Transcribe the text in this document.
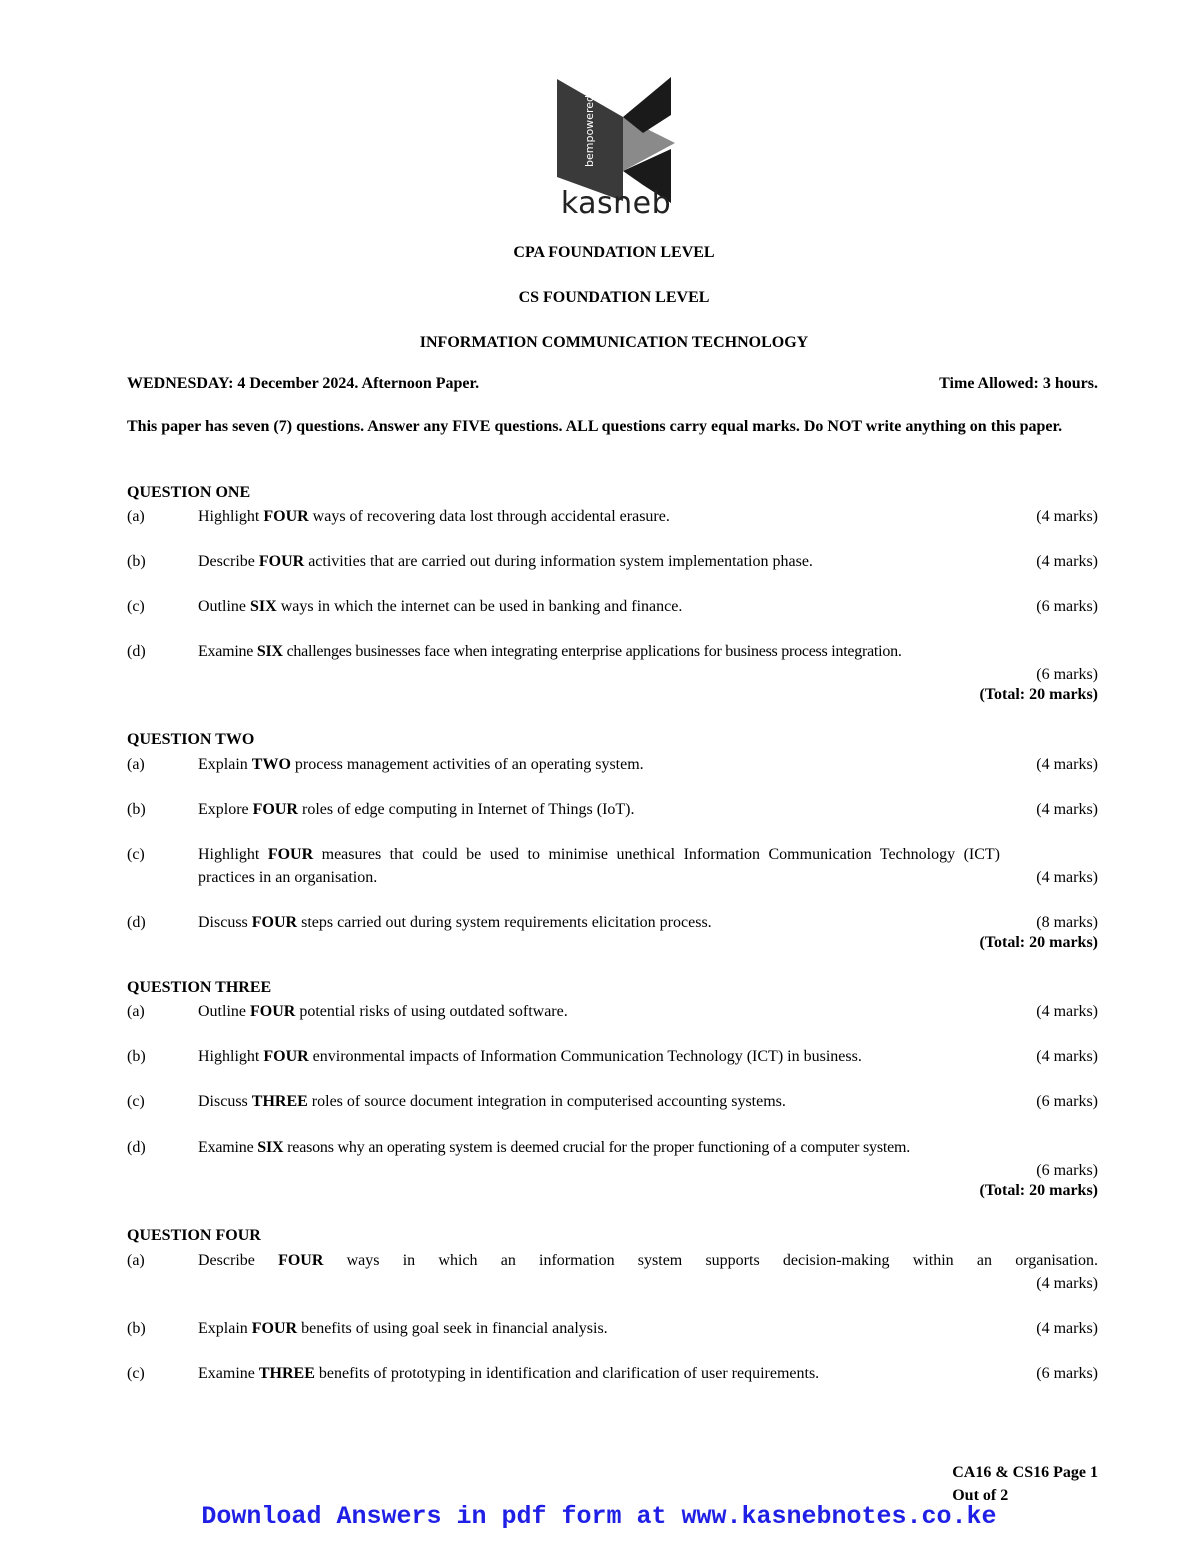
bempowered
kasneb
CPA FOUNDATION LEVEL
CS FOUNDATION LEVEL
INFORMATION COMMUNICATION TECHNOLOGY
WEDNESDAY: 4 December 2024. Afternoon Paper.	Time Allowed: 3 hours.
This paper has seven (7) questions. Answer any FIVE questions. ALL questions carry equal marks. Do NOT write anything on this paper.
QUESTION ONE
(a)	Highlight FOUR ways of recovering data lost through accidental erasure.	(4 marks)
(b)	Describe FOUR activities that are carried out during information system implementation phase.	(4 marks)
(c)	Outline SIX ways in which the internet can be used in banking and finance.	(6 marks)
(d)	Examine SIX challenges businesses face when integrating enterprise applications for business process integration.
(6 marks)
(Total: 20 marks)
QUESTION TWO
(a)	Explain TWO process management activities of an operating system.	(4 marks)
(b)	Explore FOUR roles of edge computing in Internet of Things (IoT).	(4 marks)
(c)	Highlight FOUR measures that could be used to minimise unethical Information Communication Technology (ICT) practices in an organisation.	(4 marks)
(d)	Discuss FOUR steps carried out during system requirements elicitation process.	(8 marks)
(Total: 20 marks)
QUESTION THREE
(a)	Outline FOUR potential risks of using outdated software.	(4 marks)
(b)	Highlight FOUR environmental impacts of Information Communication Technology (ICT) in business.	(4 marks)
(c)	Discuss THREE roles of source document integration in computerised accounting systems.	(6 marks)
(d)	Examine SIX reasons why an operating system is deemed crucial for the proper functioning of a computer system.
(6 marks)
(Total: 20 marks)
QUESTION FOUR
(a)	Describe FOUR ways in which an information system supports decision-making within an organisation.
(4 marks)
(b)	Explain FOUR benefits of using goal seek in financial analysis.	(4 marks)
(c)	Examine THREE benefits of prototyping in identification and clarification of user requirements.	(6 marks)
CA16 & CS16 Page 1
Out of 2
Download Answers in pdf form at www.kasnebnotes.co.ke
